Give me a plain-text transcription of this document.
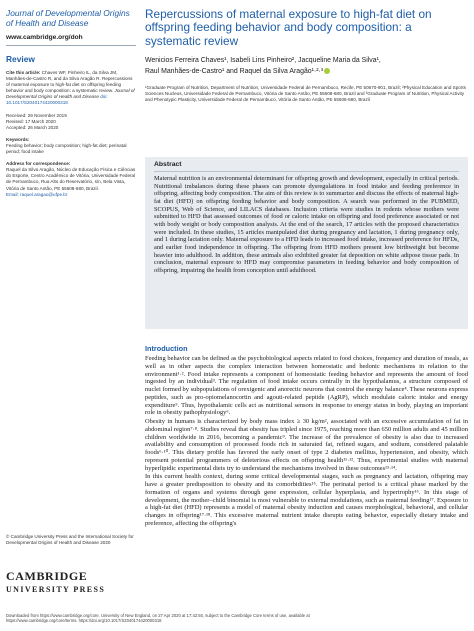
Journal of Developmental Origins of Health and Disease
www.cambridge.org/doh
Review
Cite this article: Chaves WF, Pinheiro IL, da Silva JM, Manhães-de-Castro R, and da Silva Aragão R. Repercussions of maternal exposure to high-fat diet on offspring feeding behavior and body composition: a systematic review. Journal of Developmental Origins of Health and Disease doi: 10.1017/S2040174420000318
Received: 29 November 2019
Revised: 17 March 2020
Accepted: 26 March 2020
Keywords:
Feeding behavior; body composition; high-fat diet; perinatal period; food intake
Address for correspondence:
Raquel da Silva Aragão, Núcleo de Educação Física e Ciências do Esporte, Centro Acadêmico de Vitória, Universidade Federal de Pernambuco, Rua Alto do Reservatório, s/n, Bela Vista, Vitória de Santo Antão, PE 55608-680, Brazil.
Email: raquel.aragao@ufpe.br
© Cambridge University Press and the International Society for Developmental Origins of Health and Disease 2020
CAMBRIDGE
UNIVERSITY PRESS
Repercussions of maternal exposure to high-fat diet on offspring feeding behavior and body composition: a systematic review
Wenicios Ferreira Chaves¹, Isabeli Lins Pinheiro², Jacqueline Maria da Silva¹,
Raul Manhães-de-Castro¹ and Raquel da Silva Aragão¹·²·³
¹Graduate Program of Nutrition, Department of Nutrition, Universidade Federal de Pernambuco, Recife, PE 50670-901, Brazil; ²Physical Education and Sports Sciences Nucleus, Universidade Federal de Pernambuco, Vitória de Santo Antão, PE 55608-680, Brazil and ³Graduate Program of Nutrition, Physical Activity and Phenotypic Plasticity, Universidade Federal de Pernambuco, Vitória de Santo Antão, PE 55608-680, Brazil
Abstract
Maternal nutrition is an environmental determinant for offspring growth and development, especially in critical periods. Nutritional imbalances during these phases can promote dysregulations in food intake and feeding preference in offspring, affecting body composition. The aim of this review is to summarize and discuss the effects of maternal high-fat diet (HFD) on offspring feeding behavior and body composition. A search was performed in the PUBMED, SCOPUS, Web of Science, and LILACS databases. Inclusion criteria were studies in rodents whose mothers were submitted to HFD that assessed outcomes of food or caloric intake on offspring and food preference associated or not with body weight or body composition analysis. At the end of the search, 17 articles with the proposed characteristics were included. In these studies, 15 articles manipulated diet during pregnancy and lactation, 1 during pregnancy only, and 1 during lactation only. Maternal exposure to a HFD leads to increased food intake, increased preference for HFDs, and earlier food independence in offspring. The offspring from HFD mothers present low birthweight but become heavier into adulthood. In addition, these animals also exhibited greater fat deposition on white adipose tissue pads. In conclusion, maternal exposure to HFD may compromise parameters in feeding behavior and body composition of offspring, impairing the health from conception until adulthood.
Introduction

Feeding behavior can be defined as the psychobiological aspects related to food choices, frequency and duration of meals, as well as in other aspects the complex interaction between homeostatic and hedonic mechanisms in relation to the environment¹·². Food intake represents a component of homeostatic feeding behavior and represents the amount of food ingested by an individual³. The regulation of food intake occurs centrally in the hypothalamus, a structure composed of nuclei formed by subpopulations of orexigenic and anorectic neurons that control the energy balance⁴. These neurons express peptides, such as pro-opiomelanocortin and agouti-related peptide (AgRP), which modulate caloric intake and energy expenditure⁵. Thus, hypothalamic cells act as nutritional sensors in response to energy status in body, playing an important role in obesity pathophysiology⁶.

Obesity in humans is characterized by body mass index ≥ 30 kg/m², associated with an excessive accumulation of fat in abdominal region⁷·⁸. Studies reveal that obesity has tripled since 1975, reaching more than 650 million adults and 45 million children worldwide in 2016, becoming a pandemic⁹. The increase of the prevalence of obesity is also due to increased availability and consumption of processed foods rich in saturated fat, refined sugars, and sodium, considered palatable foods⁶·¹⁰. This dietary profile has favored the early onset of type 2 diabetes mellitus, hypertension, and obesity, which represent potential programmers of deleterious effects on offspring health¹¹·¹². Thus, experimental studies with maternal hyperlipidic experimental diets try to understand the mechanisms involved in these outcomes¹³·¹⁴.

In this current health context, during some critical developmental stages, such as pregnancy and lactation, offspring may have a greater predisposition to obesity and its comorbidities¹⁵. The perinatal period is a critical phase marked by the formation of organs and systems through gene expression, cellular hyperplasia, and hypertrophy¹⁶. In this stage of development, the mother–child binomial is most vulnerable to external modulations, such as maternal feeding¹⁷. Exposure to a high-fat diet (HFD) represents a model of maternal obesity induction and causes morphological, behavioral, and cellular changes in offspring¹⁷·¹⁸. This excessive maternal nutrient intake disrupts eating behavior, especially dietary intake and preference, affecting the offspring's

Downloaded from https://www.cambridge.org/core. University of New England, on 27 Apr 2020 at 17:42:50, subject to the Cambridge Core terms of use, available at
https://www.cambridge.org/core/terms. https://doi.org/10.1017/S2040174420000318
